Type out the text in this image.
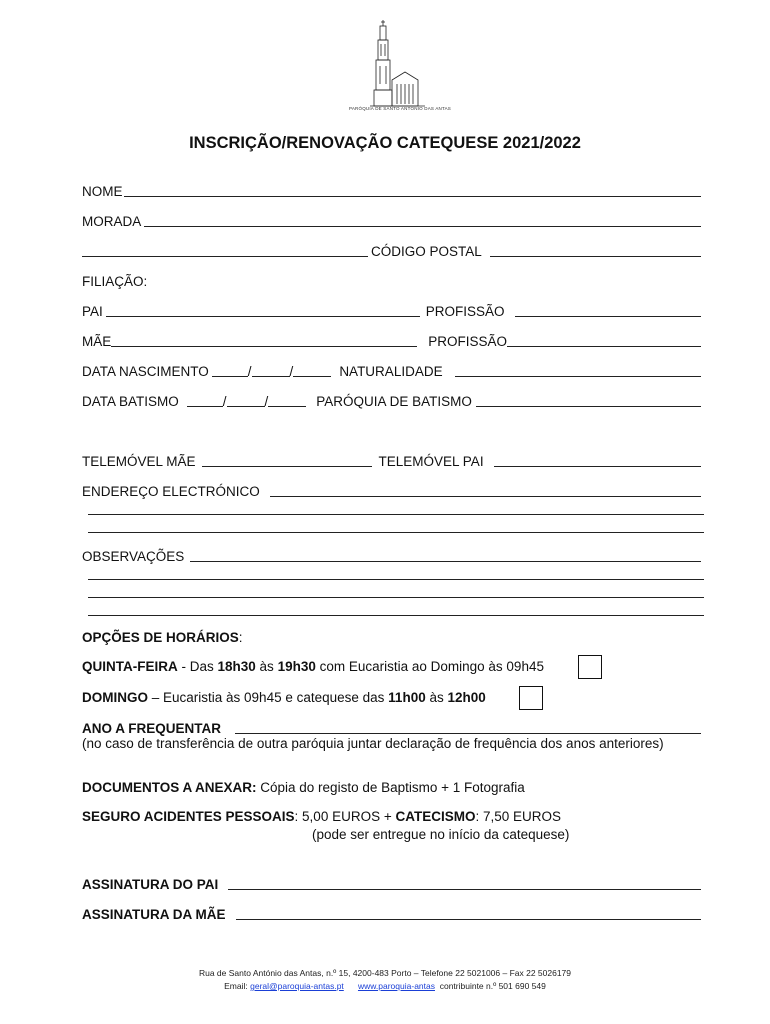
PARÓQUIA DE SANTO ANTÓNIO DAS ANTAS
INSCRIÇÃO/RENOVAÇÃO CATEQUESE 2021/2022
NOME
MORADA
CÓDIGO POSTAL
FILIAÇÃO:
PAI	PROFISSÃO
MÃE	PROFISSÃO
DATA NASCIMENTO	/	/	NATURALIDADE
DATA BATISMO	/	/	PARÓQUIA DE BATISMO
TELEMÓVEL MÃE	TELEMÓVEL PAI
ENDEREÇO ELECTRÓNICO
OBSERVAÇÕES
OPÇÕES DE HORÁRIOS:
QUINTA-FEIRA - Das 18h30 às 19h30 com Eucaristia ao Domingo às 09h45
DOMINGO – Eucaristia às 09h45 e catequese das 11h00 às 12h00
ANO A FREQUENTAR
(no caso de transferência de outra paróquia juntar declaração de frequência dos anos anteriores)
DOCUMENTOS A ANEXAR: Cópia do registo de Baptismo + 1 Fotografia
SEGURO ACIDENTES PESSOAIS: 5,00 EUROS + CATECISMO: 7,50 EUROS
(pode ser entregue no início da catequese)
ASSINATURA DO PAI
ASSINATURA DA MÃE
Rua de Santo António das Antas, n.º 15, 4200-483 Porto – Telefone 22 5021006 – Fax 22 5026179
Email: geral@paroquia-antas.pt www.paroquia-antas contribuinte n.º 501 690 549
